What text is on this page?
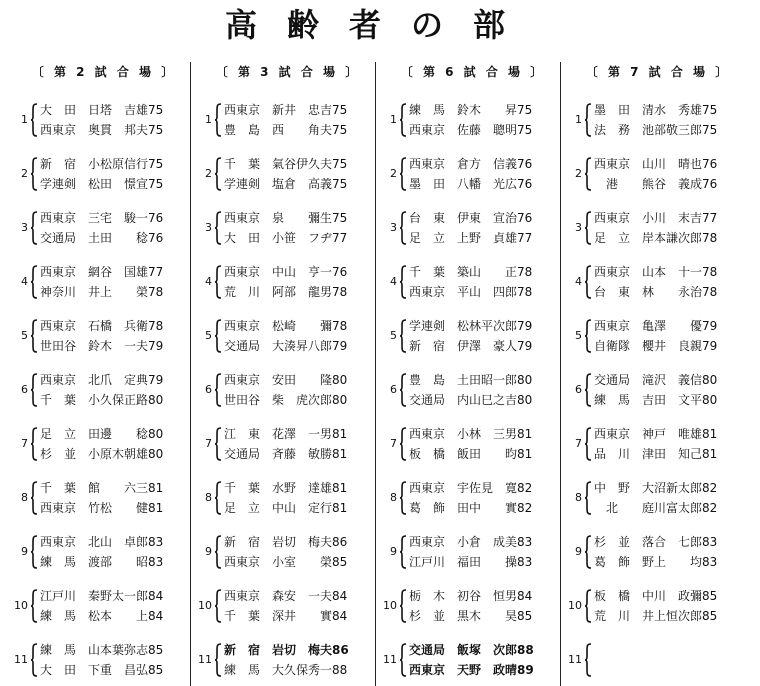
高齢者の部
〔 第 2 試 合 場 〕
1
大　田　日塔　吉雄75
西東京　奥貫　邦夫75
2
新　宿　小松原信行75
学連剣　松田　憬宣75
3
西東京　三宅　駿一76
交通局　土田　　稔76
4
西東京　網谷　国雄77
神奈川　井上　　榮78
5
西東京　石橋　兵衛78
世田谷　鈴木　一夫79
6
西東京　北爪　定典79
千　葉　小久保正路80
7
足　立　田邊　　稔80
杉　並　小原木朝雄80
8
千　葉　館　　六三81
西東京　竹松　　健81
9
西東京　北山　卓郎83
練　馬　渡部　　昭83
10
江戸川　秦野太一郎84
練　馬　松本　　上84
11
練　馬　山本葉弥志85
大　田　下重　昌弘85
〔 第 3 試 合 場 〕
1
西東京　新井　忠吉75
豊　島　西　　角夫75
2
千　葉　氣谷伊久夫75
学連剣　塩倉　高義75
3
西東京　泉　　彌生75
大　田　小笹　フヂ77
4
西東京　中山　亨一76
荒　川　阿部　龍男78
5
西東京　松崎　　彌78
交通局　大湊昇八郎79
6
西東京　安田　　隆80
世田谷　柴　虎次郎80
7
江　東　花澤　一男81
交通局　斉藤　敏勝81
8
千　葉　水野　達雄81
足　立　中山　定行81
9
新　宿　岩切　梅夫86
西東京　小室　　榮85
10
西東京　森安　一夫84
千　葉　深井　　實84
11
新　宿　岩切　梅夫86
練　馬　大久保秀一88
〔 第 6 試 合 場 〕
1
練　馬　鈴木　　昇75
西東京　佐藤　聰明75
2
西東京　倉方　信義76
墨　田　八幡　光広76
3
台　東　伊東　宣治76
足　立　上野　貞雄77
4
千　葉　築山　　正78
西東京　平山　四郎78
5
学連剣　松林平次郎79
新　宿　伊澤　豪人79
6
豊　島　土田昭一郎80
交通局　内山巳之吉80
7
西東京　小林　三男81
板　橋　飯田　　昀81
8
西東京　宇佐見　寛82
葛　飾　田中　　實82
9
西東京　小倉　成美83
江戸川　福田　　操83
10
栃　木　初谷　恒男84
杉　並　黒木　　昊85
11
交通局　飯塚　次郎88
西東京　天野　政晴89
〔 第 7 試 合 場 〕
1
墨　田　清水　秀雄75
法　務　池部敬三郎75
2
西東京　山川　晴也76
　港　　熊谷　義成76
3
西東京　小川　末吉77
足　立　岸本謙次郎78
4
西東京　山本　十一78
台　東　林　　永治78
5
西東京　亀澤　　優79
自衛隊　櫻井　良親79
6
交通局　滝沢　義信80
練　馬　吉田　文平80
7
西東京　神戸　唯雄81
品　川　津田　知己81
8
中　野　大沼新太郎82
　北　　庭川富太郎82
9
杉　並　落合　七郎83
葛　飾　野上　　均83
10
板　橋　中川　政彌85
荒　川　井上恒次郎85
11
